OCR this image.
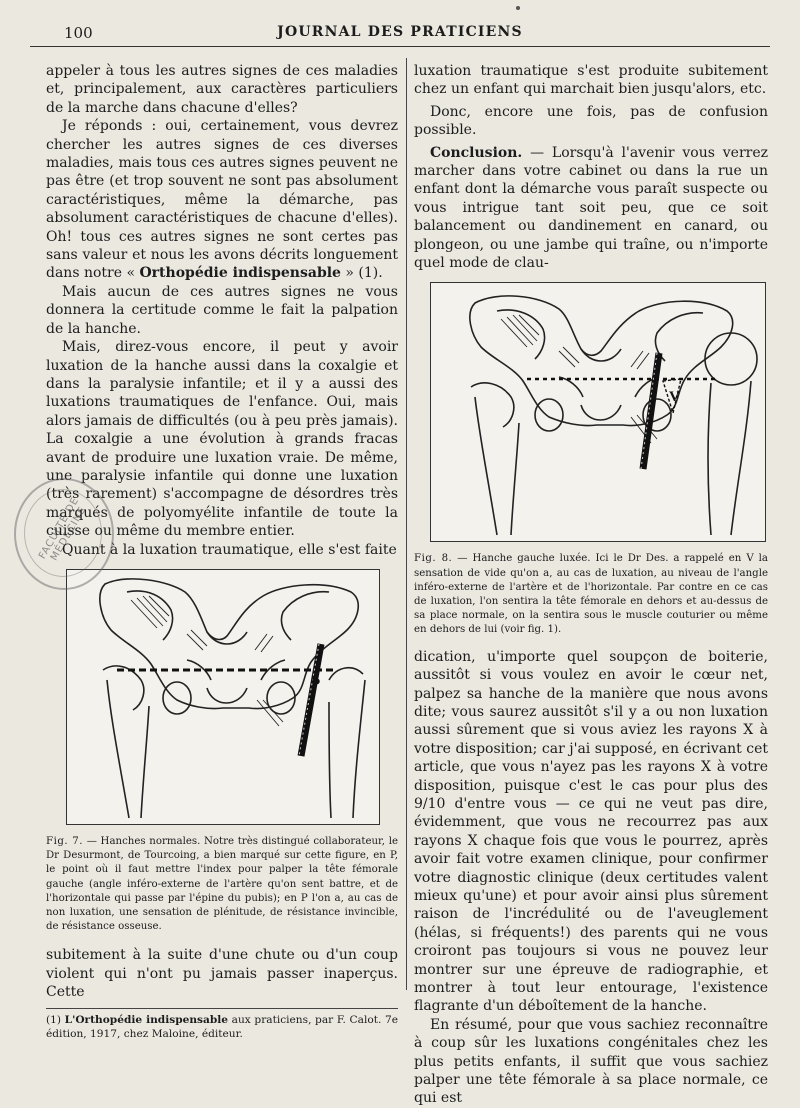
100	JOURNAL DES PRATICIENS

appeler à tous les autres signes de ces maladies et, principalement, aux caractères particuliers de la marche dans chacune d'elles?

Je réponds : oui, certainement, vous devrez chercher les autres signes de ces diverses maladies, mais tous ces autres signes peuvent ne pas être (et trop souvent ne sont pas absolument caractéristiques, même la démarche, pas absolument caractéristiques de chacune d'elles). Oh! tous ces autres signes ne sont certes pas sans valeur et nous les avons décrits longuement dans notre « Orthopédie indispensable » (1).

Mais aucun de ces autres signes ne vous donnera la certitude comme le fait la palpation de la hanche.

Mais, direz-vous encore, il peut y avoir luxation de la hanche aussi dans la coxalgie et dans la paralysie infantile; et il y a aussi des luxations traumatiques de l'enfance. Oui, mais alors jamais de difficultés (ou à peu près jamais). La coxalgie a une évolution à grands fracas avant de produire une luxation vraie. De même, une paralysie infantile qui donne une luxation (très rarement) s'accompagne de désordres très marqués de polyomyélite infantile de toute la cuisse ou même du membre entier.

Quant à la luxation traumatique, elle s'est faite

P
Fig. 7. — Hanches normales. Notre très distingué collaborateur, le Dr Desurmont, de Tourcoing, a bien marqué sur cette figure, en P, le point où il faut mettre l'index pour palper la tête fémorale gauche (angle inféro-externe de l'artère qu'on sent battre, et de l'horizontale qui passe par l'épine du pubis); en P l'on a, au cas de non luxation, une sensation de plénitude, de résistance invincible, de résistance osseuse.

subitement à la suite d'une chute ou d'un coup violent qui n'ont pu jamais passer inaperçus. Cette

(1) L'Orthopédie indispensable aux praticiens, par F. Calot. 7e édition, 1917, chez Maloine, éditeur.

luxation traumatique s'est produite subitement chez un enfant qui marchait bien jusqu'alors, etc.

Donc, encore une fois, pas de confusion possible.

Conclusion. — Lorsqu'à l'avenir vous verrez marcher dans votre cabinet ou dans la rue un enfant dont la démarche vous paraît suspecte ou vous intrigue tant soit peu, que ce soit balancement ou dandinement en canard, ou plongeon, ou une jambe qui traîne, ou n'importe quel mode de clau-

V
Fig. 8. — Hanche gauche luxée. Ici le Dr Des. a rappelé en V la sensation de vide qu'on a, au cas de luxation, au niveau de l'angle inféro-externe de l'artère et de l'horizontale. Par contre en ce cas de luxation, l'on sentira la tête fémorale en dehors et au-dessus de sa place normale, on la sentira sous le muscle couturier ou même en dehors de lui (voir fig. 1).

dication, u'importe quel soupçon de boiterie, aussitôt si vous voulez en avoir le cœur net, palpez sa hanche de la manière que nous avons dite; vous saurez aussitôt s'il y a ou non luxation aussi sûrement que si vous aviez les rayons X à votre disposition; car j'ai supposé, en écrivant cet article, que vous n'ayez pas les rayons X à votre disposition, puisque c'est le cas pour plus des 9/10 d'entre vous — ce qui ne veut pas dire, évidemment, que vous ne recourrez pas aux rayons X chaque fois que vous le pourrez, après avoir fait votre examen clinique, pour confirmer votre diagnostic clinique (deux certitudes valent mieux qu'une) et pour avoir ainsi plus sûrement raison de l'incrédulité ou de l'aveuglement (hélas, si fréquents!) des parents qui ne vous croiront pas toujours si vous ne pouvez leur montrer sur une épreuve de radiographie, et montrer à tout leur entourage, l'existence flagrante d'un déboîtement de la hanche.

En résumé, pour que vous sachiez reconnaître à coup sûr les luxations congénitales chez les plus petits enfants, il suffit que vous sachiez palper une tête fémorale à sa place normale, ce qui est

FACULTÉ DE MÉDECINE
